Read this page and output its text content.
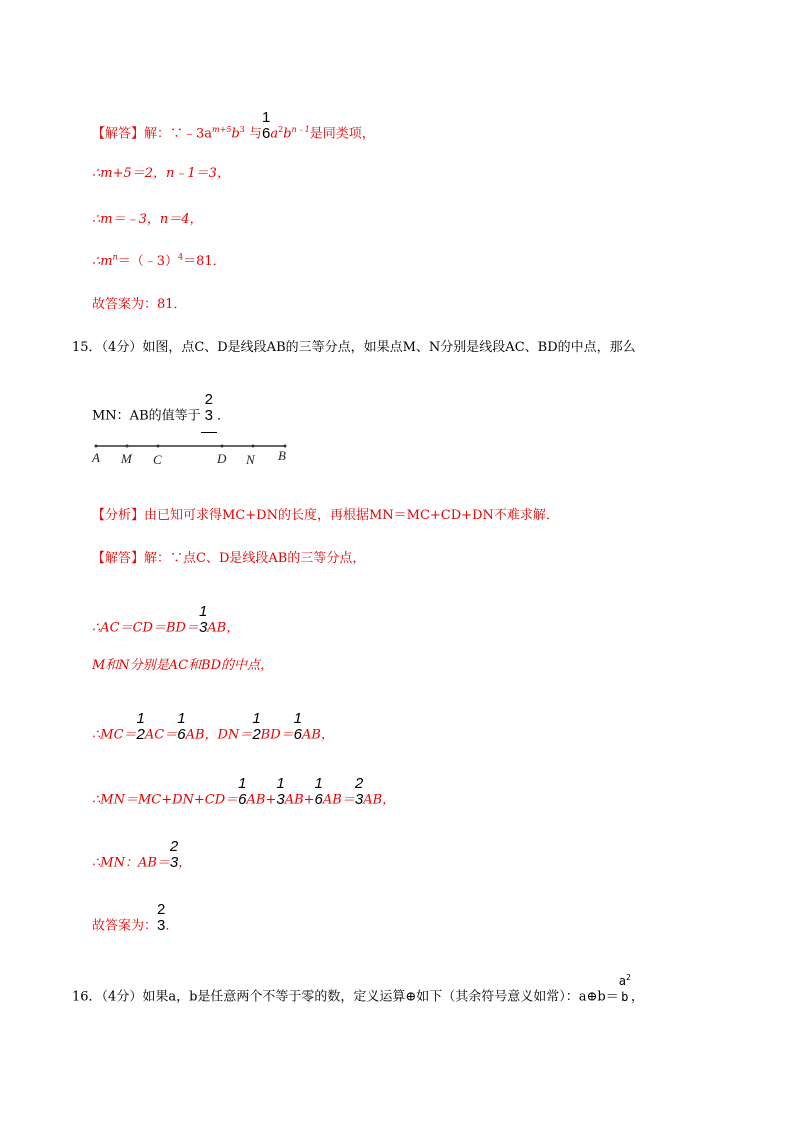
【解答】解：$\because﹣3a^{m+5}b^3$ 与
1
6 $a^2b^{n﹣1}$是同类项，
∴m+5＝2，n﹣1＝3，
∴m＝﹣3，n＝4，
$\therefore m^n=(﹣3)^4=81$．
故答案为：81．
15．（4分）如图，点C、D是线段AB的三等分点，如果点M、N分别是线段AC、BD的中点，那么
MN：AB的值等于
2
3 ．
A M C	D N B
【分析】由已知可求得MC+DN的长度，再根据MN＝MC+CD+DN不难求解．
【解答】解：∵点C、D是线段AB的三等分点，
∴AC＝CD＝BD＝
1
3 AB，
M和N分别是AC和BD的中点，
∴MC＝
1
2 AC＝
1
6 AB，DN＝
1
2 BD＝
1
6 AB，
∴MN＝MC+DN+CD＝
1
6 AB+
1
3 AB+
1
6 AB＝
2
3 AB，
∴MN：AB＝
2
3 ，
故答案为：
2
3 ．
16．（4分）如果a，b是任意两个不等于零的数，定义运算⊕如下（其余符号意义如常）：a⊕b＝
$a^2$
b ，
